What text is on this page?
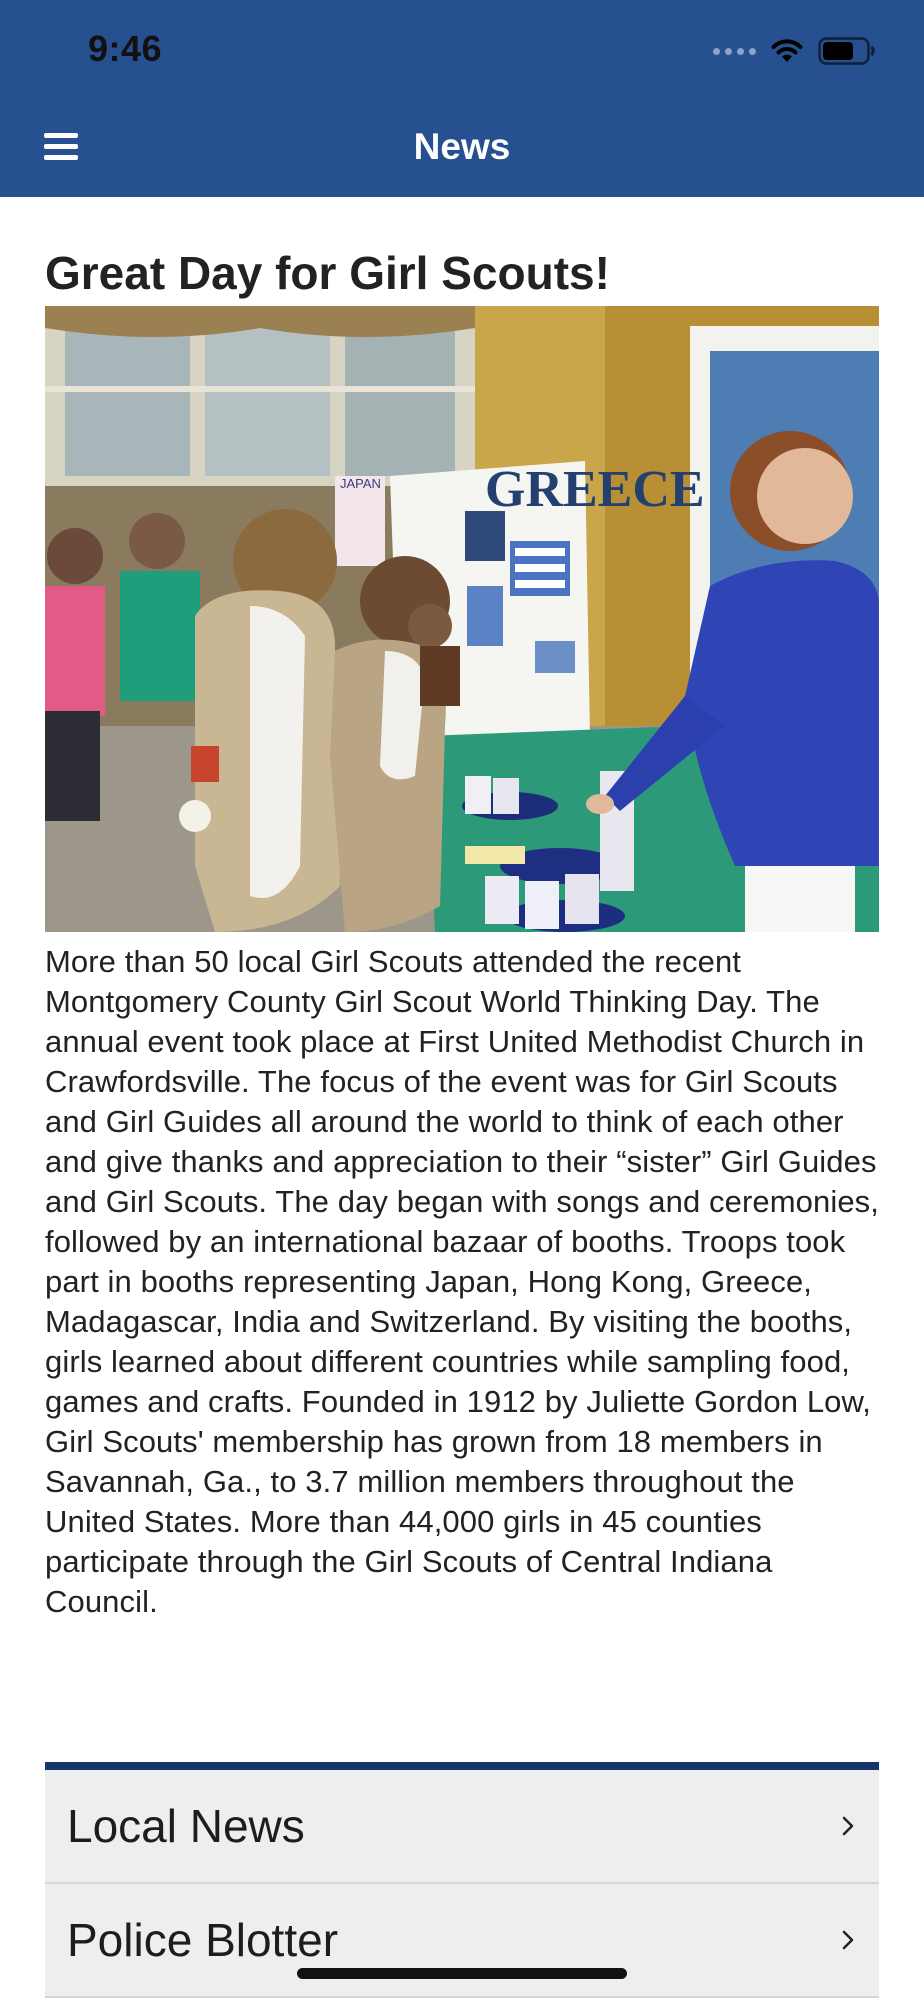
9:46
News
Great Day for Girl Scouts!
GREECE
JAPAN
More than 50 local Girl Scouts attended the recent Montgomery County Girl Scout World Thinking Day. The annual event took place at First United Methodist Church in Crawfordsville. The focus of the event was for Girl Scouts and Girl Guides all around the world to think of each other and give thanks and appreciation to their “sister” Girl Guides and Girl Scouts. The day began with songs and ceremonies, followed by an international bazaar of booths. Troops took part in booths representing Japan, Hong Kong, Greece, Madagascar, India and Switzerland. By visiting the booths, girls learned about different countries while sampling food, games and crafts. Founded in 1912 by Juliette Gordon Low, Girl Scouts' membership has grown from 18 members in Savannah, Ga., to 3.7 million members throughout the United States. More than 44,000 girls in 45 counties participate through the Girl Scouts of Central Indiana Council.
Local News
Police Blotter
